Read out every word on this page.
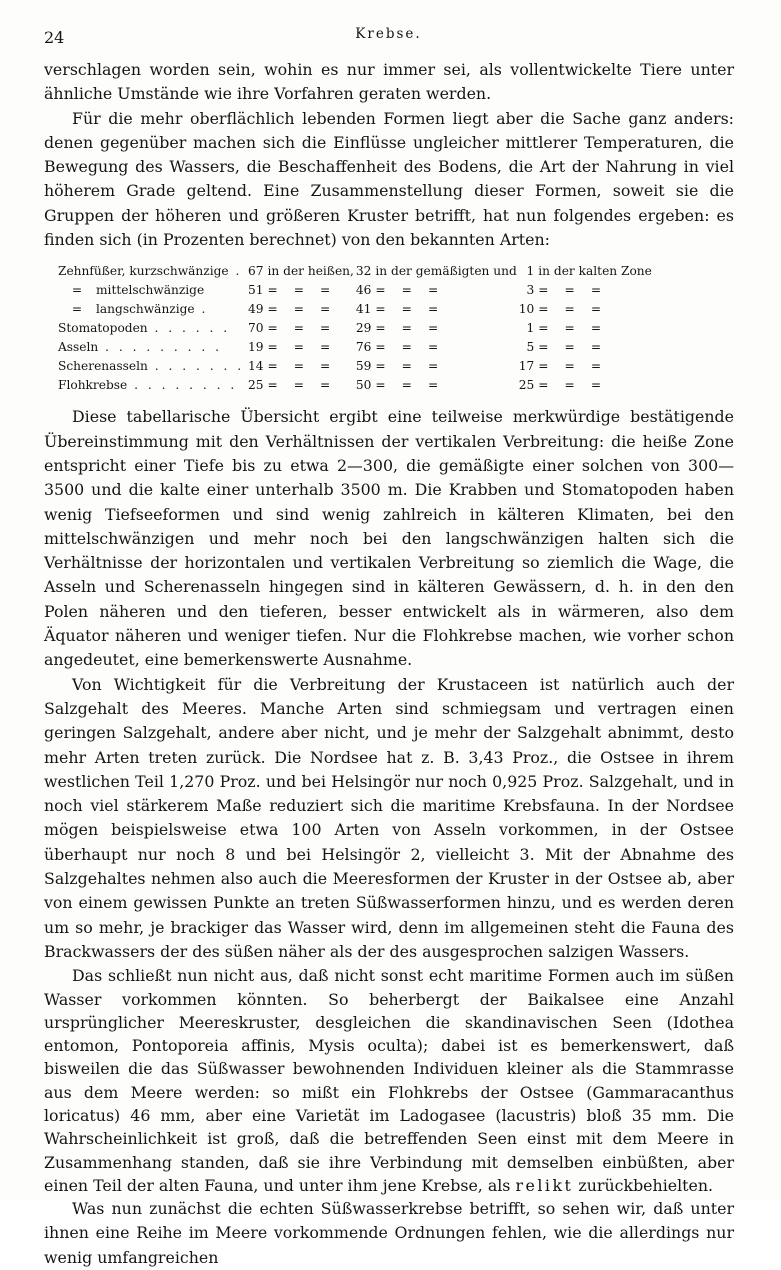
24	Krebse.

verschlagen worden sein, wohin es nur immer sei, als vollentwickelte Tiere unter ähnliche Umstände wie ihre Vorfahren geraten werden.

Für die mehr oberflächlich lebenden Formen liegt aber die Sache ganz anders: denen gegenüber machen sich die Einflüsse ungleicher mittlerer Temperaturen, die Bewegung des Wassers, die Beschaffenheit des Bodens, die Art der Nahrung in viel höherem Grade geltend. Eine Zusammenstellung dieser Formen, soweit sie die Gruppen der höheren und größeren Kruster betrifft, hat nun folgendes ergeben: es finden sich (in Prozenten berechnet) von den bekannten Arten:

Zehnfüßer, kurzschwänzige .	67	in der heißen,	32	in der gemäßigten und	1	in der kalten Zone
= mittelschwänzige	51	=  =  = 	46	=  =  = 	3	=  =  = 
= langschwänzige .	49	=  =  = 	41	=  =  = 	10	=  =  = 
Stomatopoden . . . . . .	70	=  =  = 	29	=  =  = 	1	=  =  = 
Asseln . . . . . . . . .	19	=  =  = 	76	=  =  = 	5	=  =  = 
Scherenasseln . . . . . . .	14	=  =  = 	59	=  =  = 	17	=  =  = 
Flohkrebse . . . . . . . .	25	=  =  = 	50	=  =  = 	25	=  =  = 

Diese tabellarische Übersicht ergibt eine teilweise merkwürdige bestätigende Übereinstimmung mit den Verhältnissen der vertikalen Verbreitung: die heiße Zone entspricht einer Tiefe bis zu etwa 2—300, die gemäßigte einer solchen von 300—3500 und die kalte einer unterhalb 3500 m. Die Krabben und Stomatopoden haben wenig Tiefseeformen und sind wenig zahlreich in kälteren Klimaten, bei den mittelschwänzigen und mehr noch bei den langschwänzigen halten sich die Verhältnisse der horizontalen und vertikalen Verbreitung so ziemlich die Wage, die Asseln und Scherenasseln hingegen sind in kälteren Gewässern, d. h. in den den Polen näheren und den tieferen, besser entwickelt als in wärmeren, also dem Äquator näheren und weniger tiefen. Nur die Flohkrebse machen, wie vorher schon angedeutet, eine bemerkenswerte Ausnahme.

Von Wichtigkeit für die Verbreitung der Krustaceen ist natürlich auch der Salzgehalt des Meeres. Manche Arten sind schmiegsam und vertragen einen geringen Salzgehalt, andere aber nicht, und je mehr der Salzgehalt abnimmt, desto mehr Arten treten zurück. Die Nordsee hat z. B. 3,43 Proz., die Ostsee in ihrem westlichen Teil 1,270 Proz. und bei Helsingör nur noch 0,925 Proz. Salzgehalt, und in noch viel stärkerem Maße reduziert sich die maritime Krebsfauna. In der Nordsee mögen beispielsweise etwa 100 Arten von Asseln vorkommen, in der Ostsee überhaupt nur noch 8 und bei Helsingör 2, vielleicht 3. Mit der Abnahme des Salzgehaltes nehmen also auch die Meeresformen der Kruster in der Ostsee ab, aber von einem gewissen Punkte an treten Süßwasserformen hinzu, und es werden deren um so mehr, je brackiger das Wasser wird, denn im allgemeinen steht die Fauna des Brackwassers der des süßen näher als der des ausgesprochen salzigen Wassers.

Das schließt nun nicht aus, daß nicht sonst echt maritime Formen auch im süßen Wasser vorkommen könnten. So beherbergt der Baikalsee eine Anzahl ursprünglicher Meereskruster, desgleichen die skandinavischen Seen (Idothea entomon, Pontoporeia affinis, Mysis oculta); dabei ist es bemerkenswert, daß bisweilen die das Süßwasser bewohnenden Individuen kleiner als die Stammrasse aus dem Meere werden: so mißt ein Flohkrebs der Ostsee (Gammaracanthus loricatus) 46 mm, aber eine Varietät im Ladogasee (lacustris) bloß 35 mm. Die Wahrscheinlichkeit ist groß, daß die betreffenden Seen einst mit dem Meere in Zusammenhang standen, daß sie ihre Verbindung mit demselben einbüßten, aber einen Teil der alten Fauna, und unter ihm jene Krebse, als relikt zurückbehielten.

Was nun zunächst die echten Süßwasserkrebse betrifft, so sehen wir, daß unter ihnen eine Reihe im Meere vorkommende Ordnungen fehlen, wie die allerdings nur wenig umfangreichen
